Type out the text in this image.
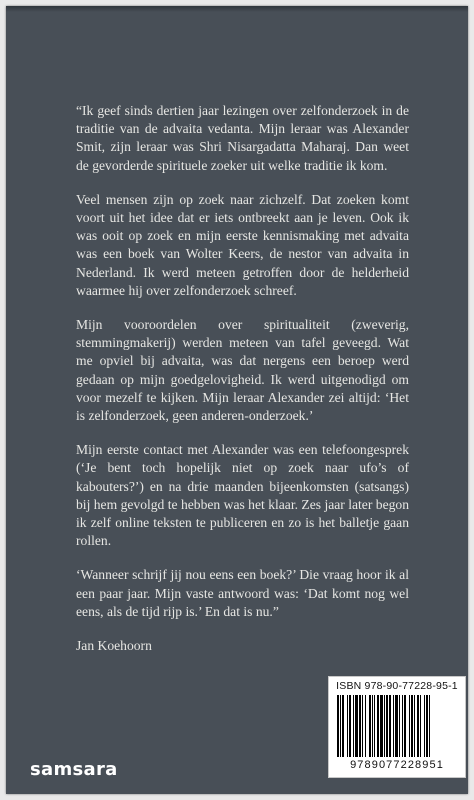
“Ik geef sinds dertien jaar lezingen over zelfonderzoek in de traditie van de advaita vedanta. Mijn leraar was Alexander Smit, zijn leraar was Shri Nisargadatta Maharaj. Dan weet de gevorderde spirituele zoeker uit welke traditie ik kom.

Veel mensen zijn op zoek naar zichzelf. Dat zoeken komt voort uit het idee dat er iets ontbreekt aan je leven. Ook ik was ooit op zoek en mijn eerste kennismaking met advaita was een boek van Wolter Keers, de nestor van advaita in Nederland. Ik werd meteen getroffen door de helderheid waarmee hij over zelfonderzoek schreef.

Mijn vooroordelen over spiritualiteit (zweverig, stemmingmakerij) werden meteen van tafel geveegd. Wat me opviel bij advaita, was dat nergens een beroep werd gedaan op mijn goedgelovigheid. Ik werd uitgenodigd om voor mezelf te kijken. Mijn leraar Alexander zei altijd: ‘Het is zelfonderzoek, geen anderen-onderzoek.’

Mijn eerste contact met Alexander was een telefoongesprek (‘Je bent toch hopelijk niet op zoek naar ufo’s of kabouters?’) en na drie maanden bijeenkomsten (satsangs) bij hem gevolgd te hebben was het klaar. Zes jaar later begon ik zelf online teksten te publiceren en zo is het balletje gaan rollen.

‘Wanneer schrijf jij nou eens een boek?’ Die vraag hoor ik al een paar jaar. Mijn vaste antwoord was: ‘Dat komt nog wel eens, als de tijd rijp is.’ En dat is nu.”

Jan Koehoorn

ISBN 978-90-77228-95-1
9789077228951
samsara
